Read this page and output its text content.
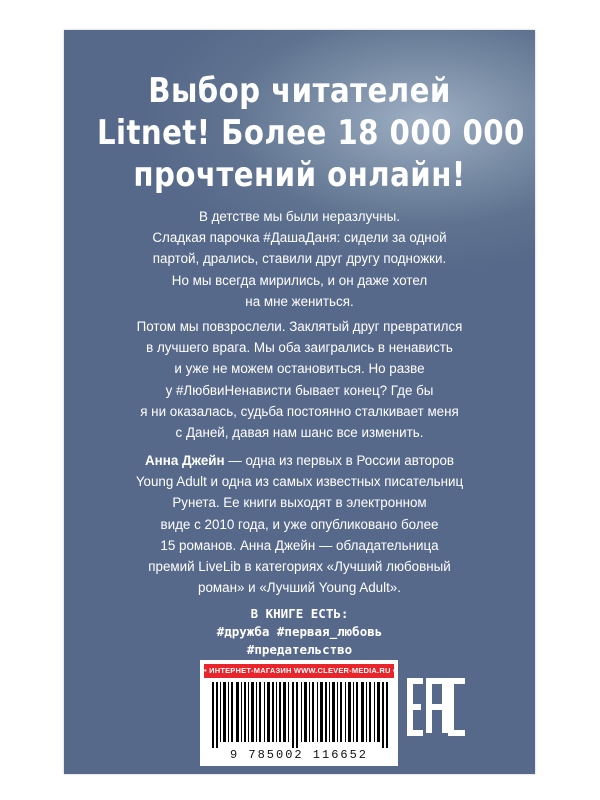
Выбор читателей
Litnet! Более 18 000 000
прочтений онлайн!
В детстве мы были неразлучны.
Сладкая парочка #ДашаДаня: сидели за одной
партой, дрались, ставили друг другу подножки.
Но мы всегда мирились, и он даже хотел
на мне жениться.
Потом мы повзрослели. Заклятый друг превратился
в лучшего врага. Мы оба заигрались в ненависть
и уже не можем остановиться. Но разве
у #ЛюбвиНенависти бывает конец? Где бы
я ни оказалась, судьба постоянно сталкивает меня
с Даней, давая нам шанс все изменить.
Анна Джейн — одна из первых в России авторов
Young Adult и одна из самых известных писательниц
Рунета. Ее книги выходят в электронном
виде с 2010 года, и уже опубликовано более
15 романов. Анна Джейн — обладательница
премий LiveLib в категориях «Лучший любовный
роман» и «Лучший Young Adult».
В КНИГЕ ЕСТЬ:
#дружба #первая_любовь
#предательство
• ИНТЕРНЕТ-МАГАЗИН WWW.CLEVER-MEDIA.RU •
9 785002 116652
